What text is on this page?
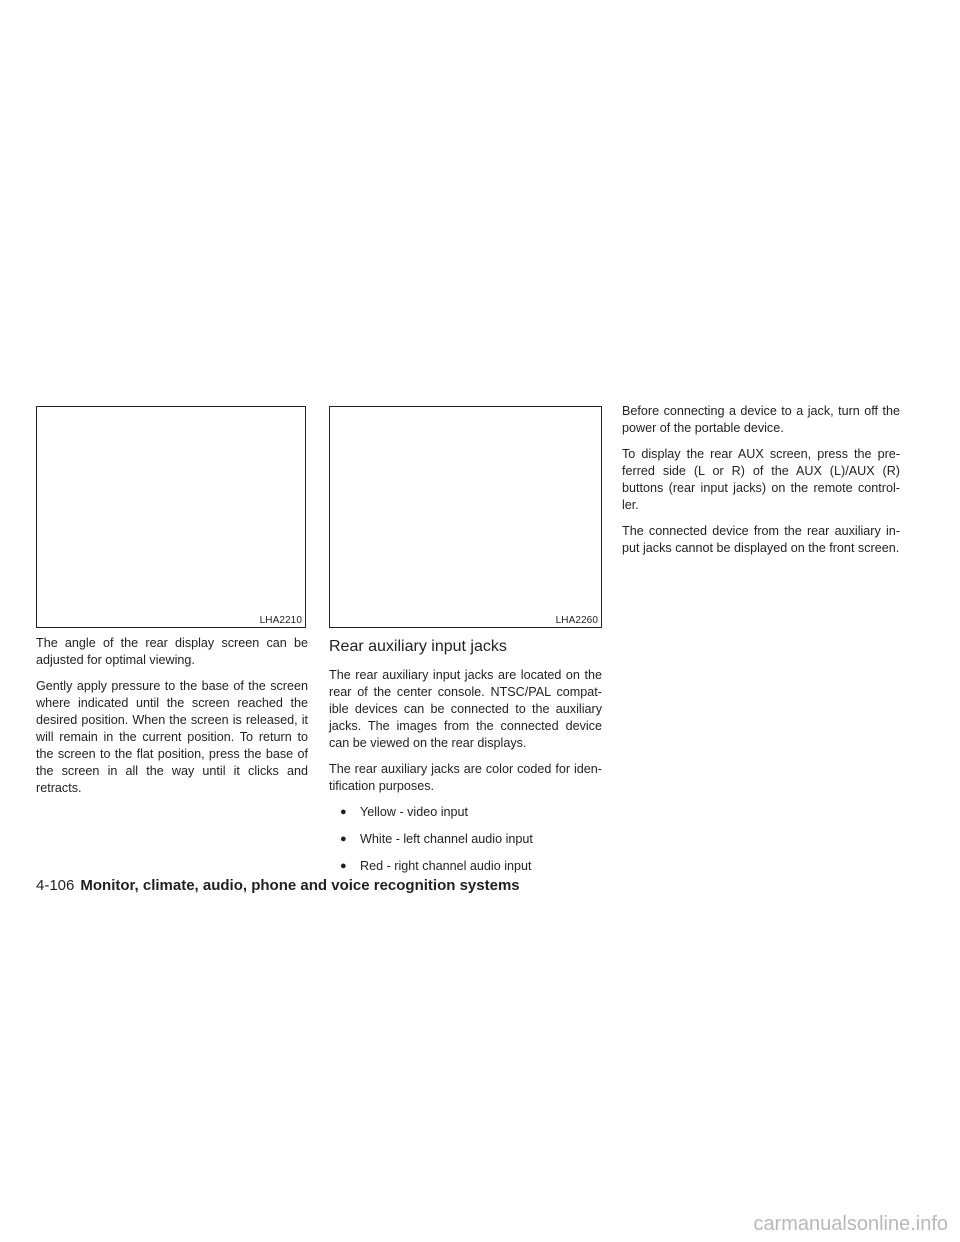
LHA2210

The angle of the rear display screen can be adjusted for optimal viewing.

Gently apply pressure to the base of the screen where indicated until the screen reached the desired position. When the screen is released, it will remain in the current position. To return to the screen to the flat position, press the base of the screen in all the way until it clicks and retracts.

LHA2260
Rear auxiliary input jacks

The rear auxiliary input jacks are located on the rear of the center console. NTSC/PAL compat-ible devices can be connected to the auxiliary jacks. The images from the connected device can be viewed on the rear displays.

The rear auxiliary jacks are color coded for iden-tification purposes.

●	Yellow - video input
●	White - left channel audio input
●	Red - right channel audio input

Before connecting a device to a jack, turn off the power of the portable device.

To display the rear AUX screen, press the pre-ferred side (L or R) of the AUX (L)/AUX (R) buttons (rear input jacks) on the remote control-ler.

The connected device from the rear auxiliary in-put jacks cannot be displayed on the front screen.

4-106 Monitor, climate, audio, phone and voice recognition systems
carmanualsonline.info
